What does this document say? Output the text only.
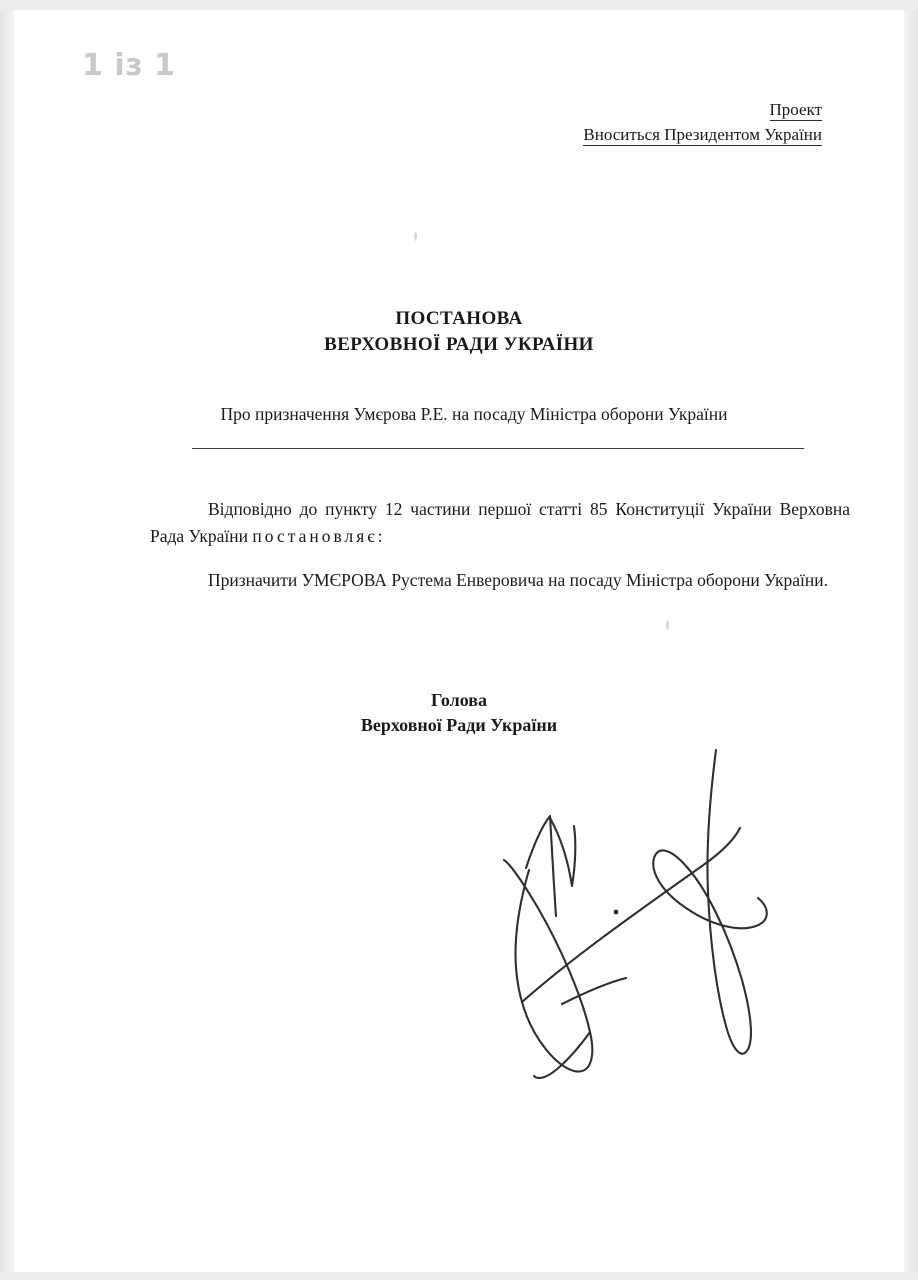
Проект
Вноситься Президентом України
ПОСТАНОВА
ВЕРХОВНОЇ РАДИ УКРАЇНИ
Про призначення Умєрова Р.Е. на посаду Міністра оборони України

Відповідно до пункту 12 частини першої статті 85 Конституції України Верховна Рада України постановляє:

Призначити УМЄРОВА Рустема Енверовича на посаду Міністра оборони України.

Голова
Верховної Ради України
1 із 1
